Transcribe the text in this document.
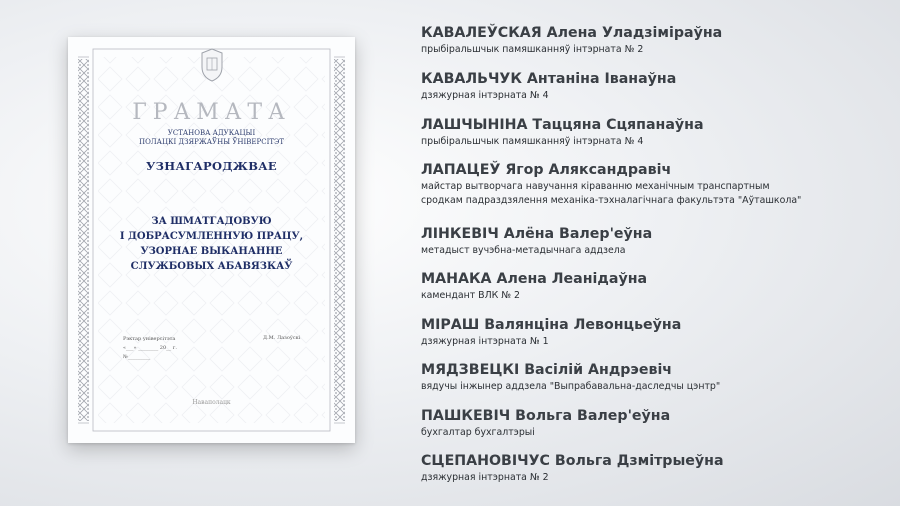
ГРАМАТА
УСТАНОВА АДУКАЦЫІ
ПОЛАЦКІ ДЗЯРЖАЎНЫ ЎНІВЕРСІТЭТ
УЗНАГАРОДЖВАЕ
ЗА ШМАТГАДОВУЮ
І ДОБРАСУМЛЕННУЮ ПРАЦУ,
УЗОРНАЕ ВЫКАНАННЕ
СЛУЖБОВЫХ АБАВЯЗКАЎ
Рэктар універсітэта
«___» ________ 20__ г.
№_________
Д.М. Лазоўскі
Наваполацк
КАВАЛЕЎСКАЯ Алена Уладзіміраўна
прыбіральшчык памяшканняў інтэрната № 2
КАВАЛЬЧУК Антаніна Іванаўна
дзяжурная інтэрната № 4
ЛАШЧЫНІНА Таццяна Сцяпанаўна
прыбіральшчык памяшканняў інтэрната № 4
ЛАПАЦЕЎ Ягор Аляксандравіч
майстар вытворчага навучання кіраванню механічным транспартным
сродкам падраздзялення механіка-тэхналагічнага факультэта "Аўташкола"
ЛІНКЕВІЧ Алёна Валер'еўна
метадыст вучэбна-метадычнага аддзела
МАНАКА Алена Леанідаўна
камендант ВЛК № 2
МІРАШ Валянціна Левонцьеўна
дзяжурная інтэрната № 1
МЯДЗВЕЦКІ Васілій Андрэевіч
вядучы інжынер аддзела "Выпрабавальна-даследчы цэнтр"
ПАШКЕВІЧ Вольга Валер'еўна
бухгалтар бухгалтэрыі
СЦЕПАНОВІЧУС Вольга Дзмітрыеўна
дзяжурная інтэрната № 2
